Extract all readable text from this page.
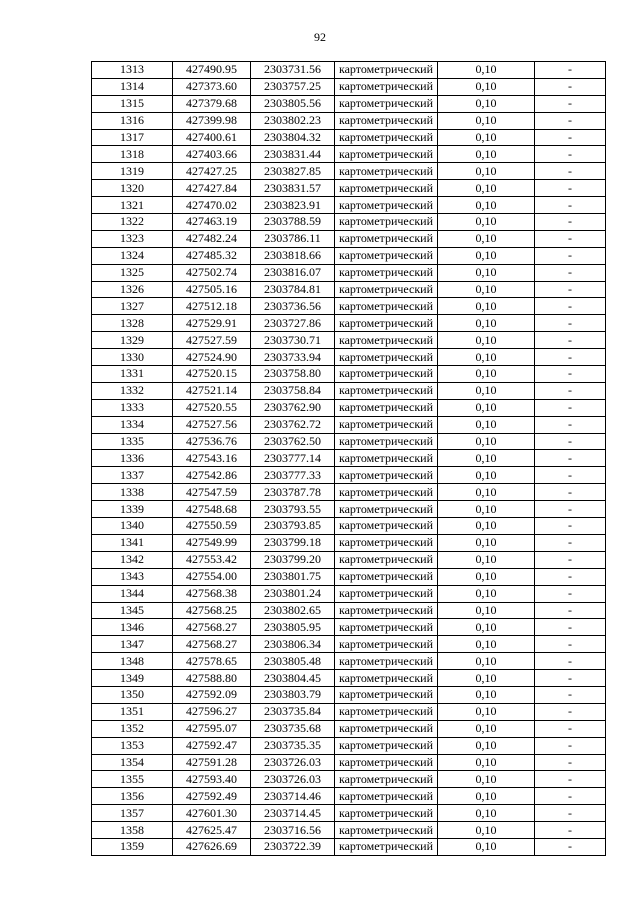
92
1313	427490.95	2303731.56	картометрический	0,10	-
1314	427373.60	2303757.25	картометрический	0,10	-
1315	427379.68	2303805.56	картометрический	0,10	-
1316	427399.98	2303802.23	картометрический	0,10	-
1317	427400.61	2303804.32	картометрический	0,10	-
1318	427403.66	2303831.44	картометрический	0,10	-
1319	427427.25	2303827.85	картометрический	0,10	-
1320	427427.84	2303831.57	картометрический	0,10	-
1321	427470.02	2303823.91	картометрический	0,10	-
1322	427463.19	2303788.59	картометрический	0,10	-
1323	427482.24	2303786.11	картометрический	0,10	-
1324	427485.32	2303818.66	картометрический	0,10	-
1325	427502.74	2303816.07	картометрический	0,10	-
1326	427505.16	2303784.81	картометрический	0,10	-
1327	427512.18	2303736.56	картометрический	0,10	-
1328	427529.91	2303727.86	картометрический	0,10	-
1329	427527.59	2303730.71	картометрический	0,10	-
1330	427524.90	2303733.94	картометрический	0,10	-
1331	427520.15	2303758.80	картометрический	0,10	-
1332	427521.14	2303758.84	картометрический	0,10	-
1333	427520.55	2303762.90	картометрический	0,10	-
1334	427527.56	2303762.72	картометрический	0,10	-
1335	427536.76	2303762.50	картометрический	0,10	-
1336	427543.16	2303777.14	картометрический	0,10	-
1337	427542.86	2303777.33	картометрический	0,10	-
1338	427547.59	2303787.78	картометрический	0,10	-
1339	427548.68	2303793.55	картометрический	0,10	-
1340	427550.59	2303793.85	картометрический	0,10	-
1341	427549.99	2303799.18	картометрический	0,10	-
1342	427553.42	2303799.20	картометрический	0,10	-
1343	427554.00	2303801.75	картометрический	0,10	-
1344	427568.38	2303801.24	картометрический	0,10	-
1345	427568.25	2303802.65	картометрический	0,10	-
1346	427568.27	2303805.95	картометрический	0,10	-
1347	427568.27	2303806.34	картометрический	0,10	-
1348	427578.65	2303805.48	картометрический	0,10	-
1349	427588.80	2303804.45	картометрический	0,10	-
1350	427592.09	2303803.79	картометрический	0,10	-
1351	427596.27	2303735.84	картометрический	0,10	-
1352	427595.07	2303735.68	картометрический	0,10	-
1353	427592.47	2303735.35	картометрический	0,10	-
1354	427591.28	2303726.03	картометрический	0,10	-
1355	427593.40	2303726.03	картометрический	0,10	-
1356	427592.49	2303714.46	картометрический	0,10	-
1357	427601.30	2303714.45	картометрический	0,10	-
1358	427625.47	2303716.56	картометрический	0,10	-
1359	427626.69	2303722.39	картометрический	0,10	-
